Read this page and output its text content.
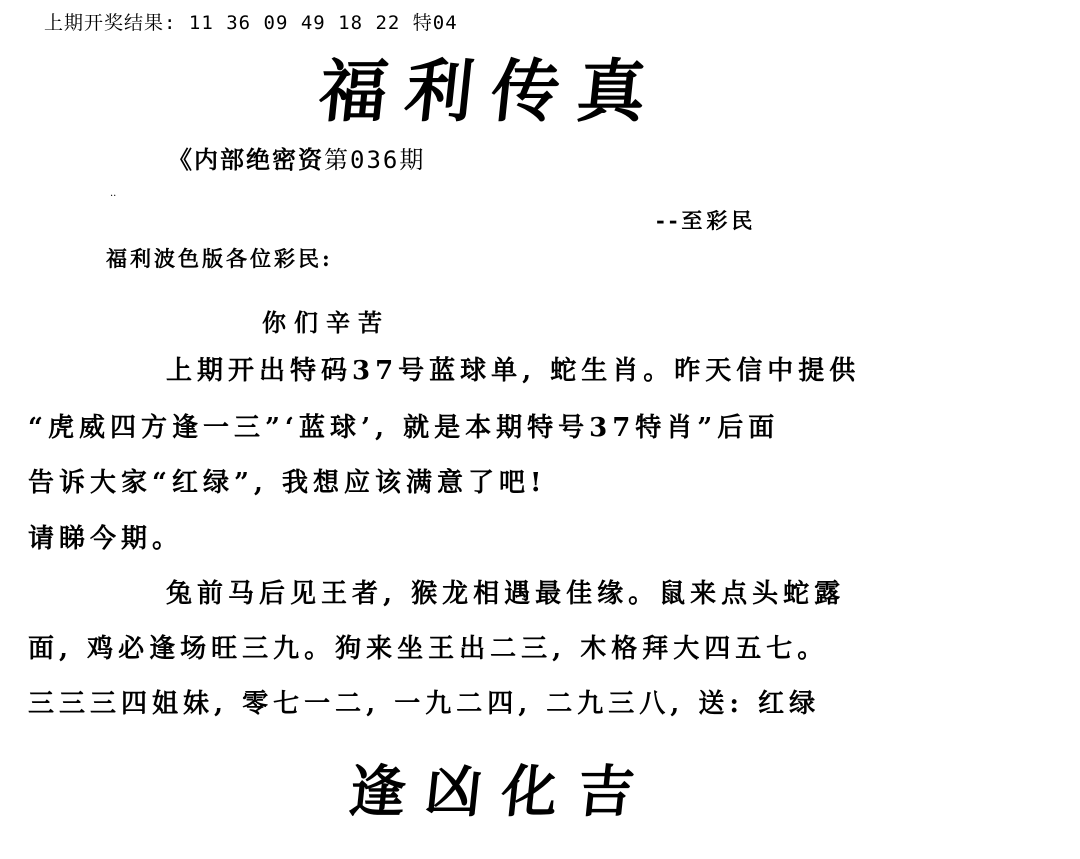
上期开奖结果: 11 36 09 49 18 22 特04
福利传真
《内部绝密资第036期
..
--至彩民
福利波色版各位彩民:
你们辛苦
上期开出特码37号蓝球单, 蛇生肖。昨天信中提供
“虎威四方逢一三”‘蓝球’, 就是本期特号37特肖”后面
告诉大家“红绿”, 我想应该满意了吧!
请睇今期。
兔前马后见王者, 猴龙相遇最佳缘。鼠来点头蛇露
面, 鸡必逢场旺三九。狗来坐王出二三, 木格拜大四五七。
三三三四姐妹, 零七一二, 一九二四, 二九三八, 送: 红绿
逢凶化吉
